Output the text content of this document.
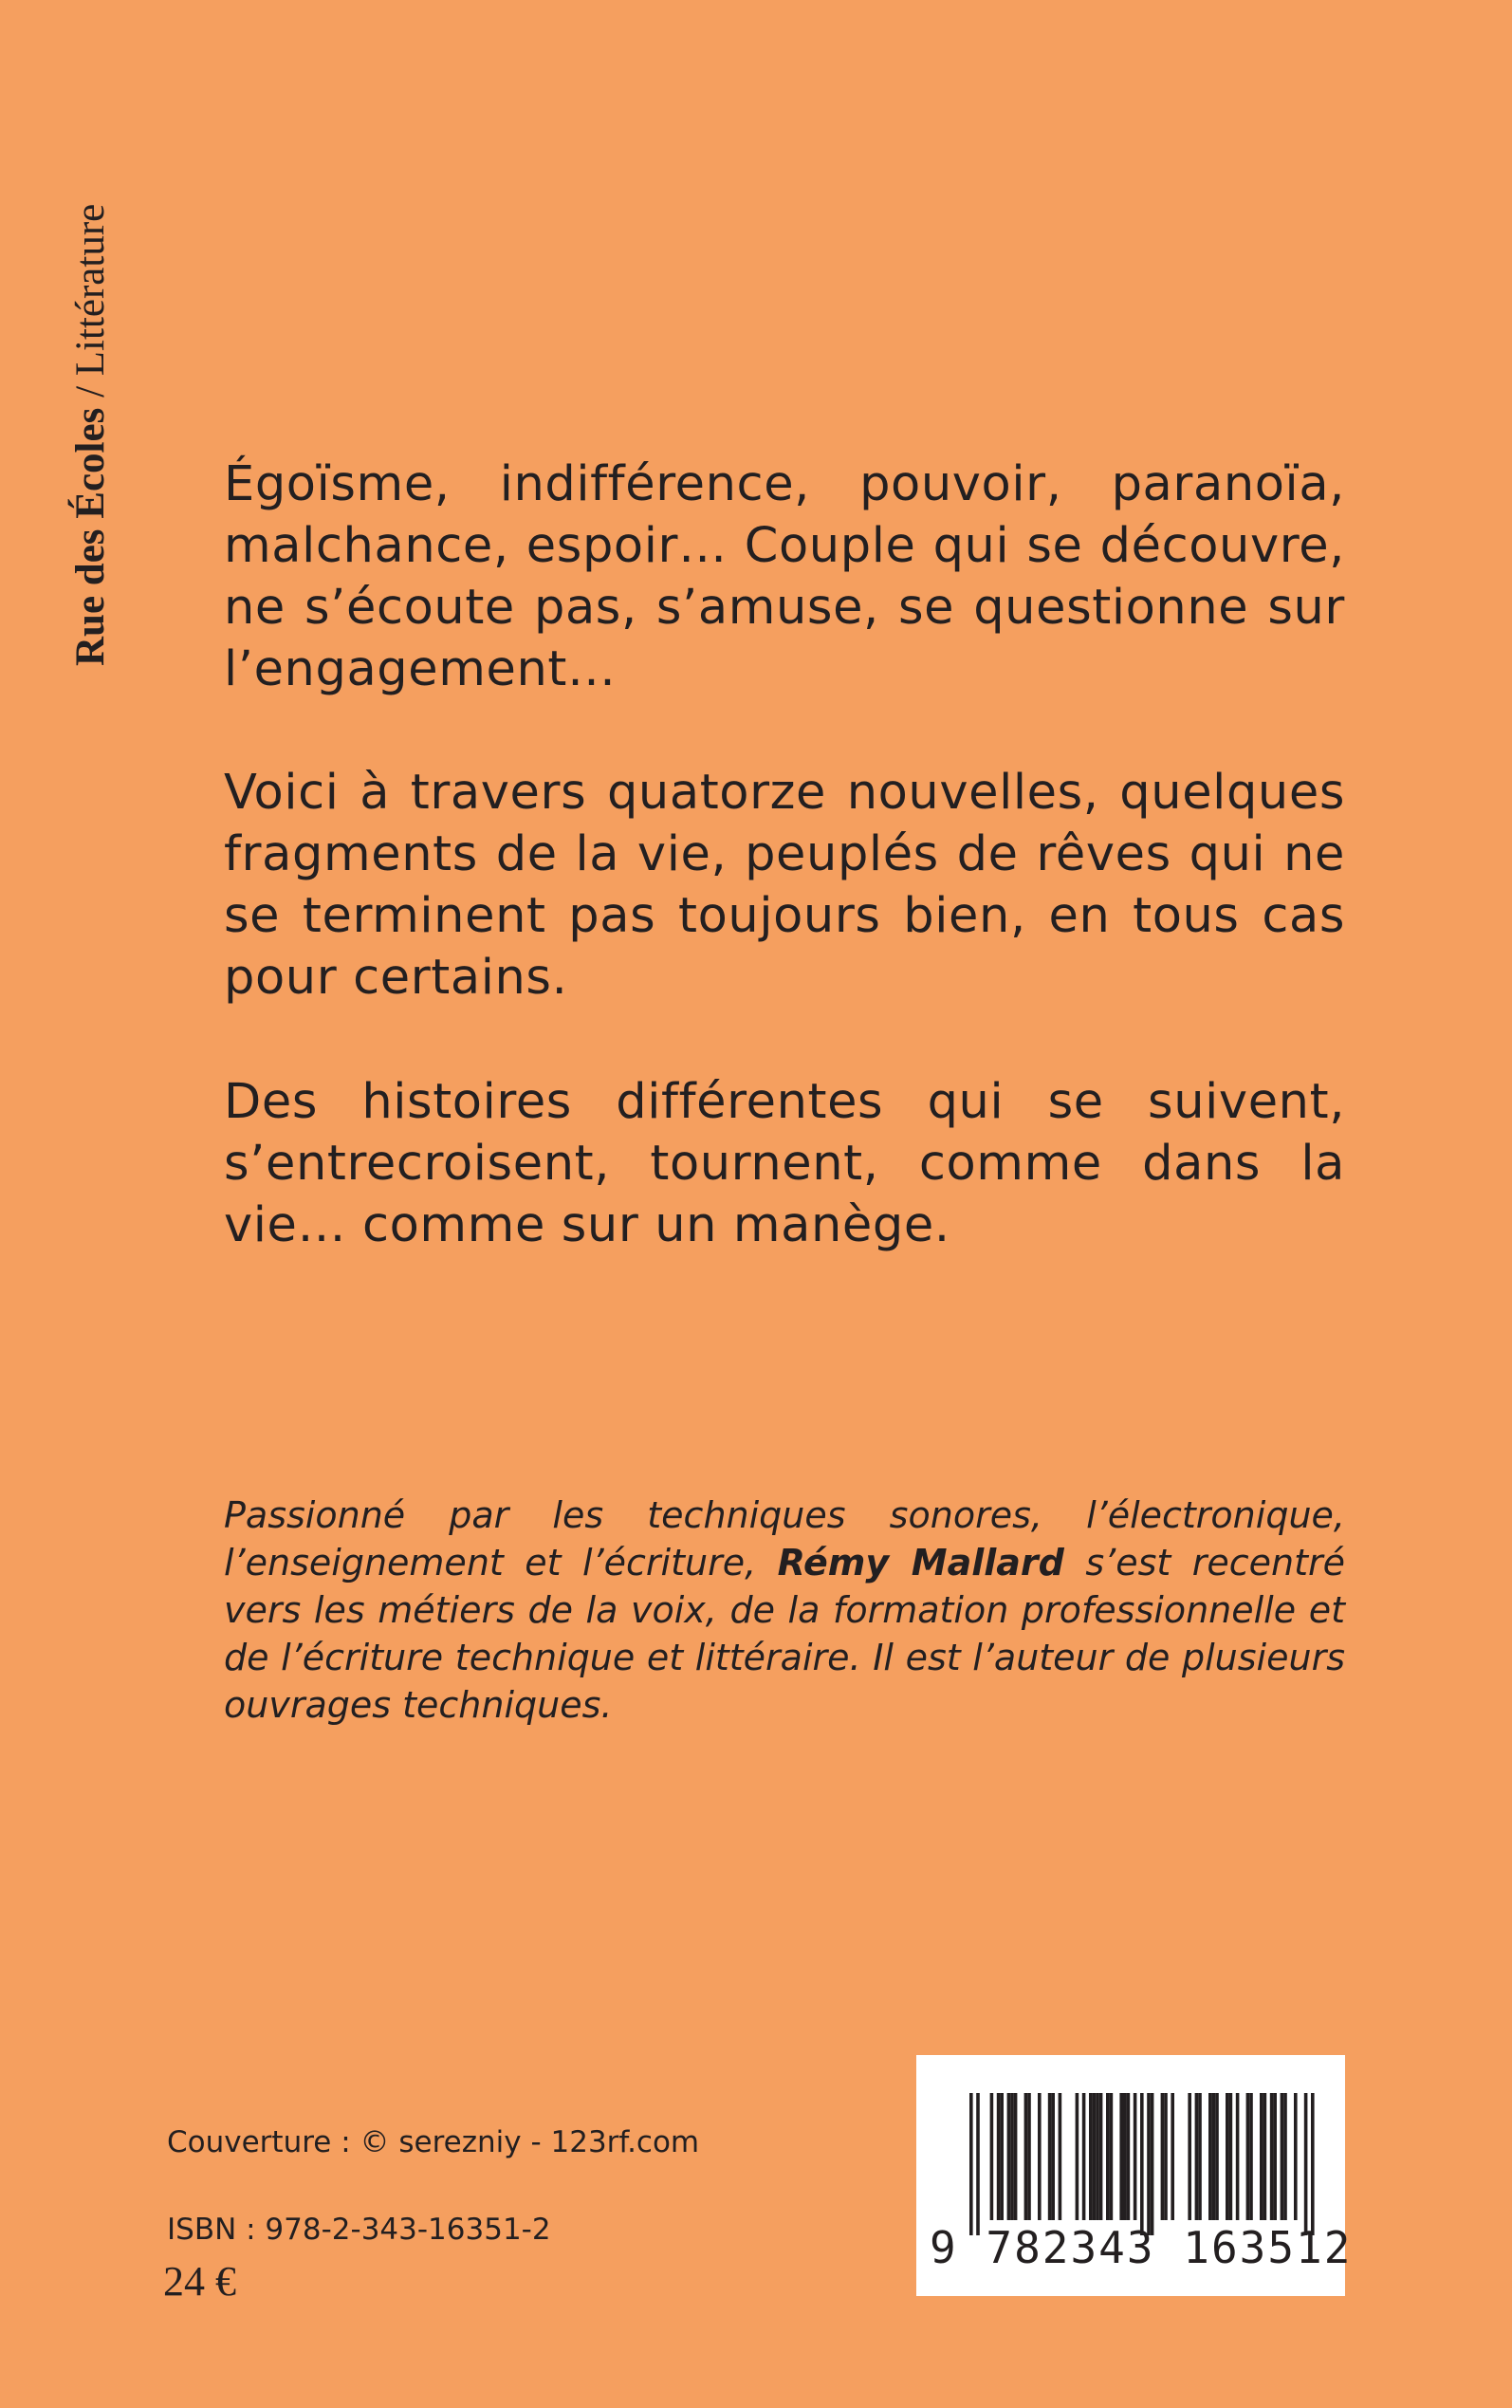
Rue des Écoles / Littérature

Égoïsme, indifférence, pouvoir, paranoïa, malchance, espoir… Couple qui se découvre, ne s’écoute pas, s’amuse, se questionne sur l’engagement…

Voici à travers quatorze nouvelles, quelques fragments de la vie, peuplés de rêves qui ne se terminent pas toujours bien, en tous cas pour certains.

Des histoires différentes qui se suivent, s’entrecroisent, tournent, comme dans la vie… comme sur un manège.

Passionné par les techniques sonores, l’électronique, l’enseignement et l’écriture, Rémy Mallard s’est recentré vers les métiers de la voix, de la formation professionnelle et de l’écriture technique et littéraire. Il est l’auteur de plusieurs ouvrages techniques.

Couverture : © serezniy - 123rf.com
ISBN : 978-2-343-16351-2
24 €
9 782343 163512
